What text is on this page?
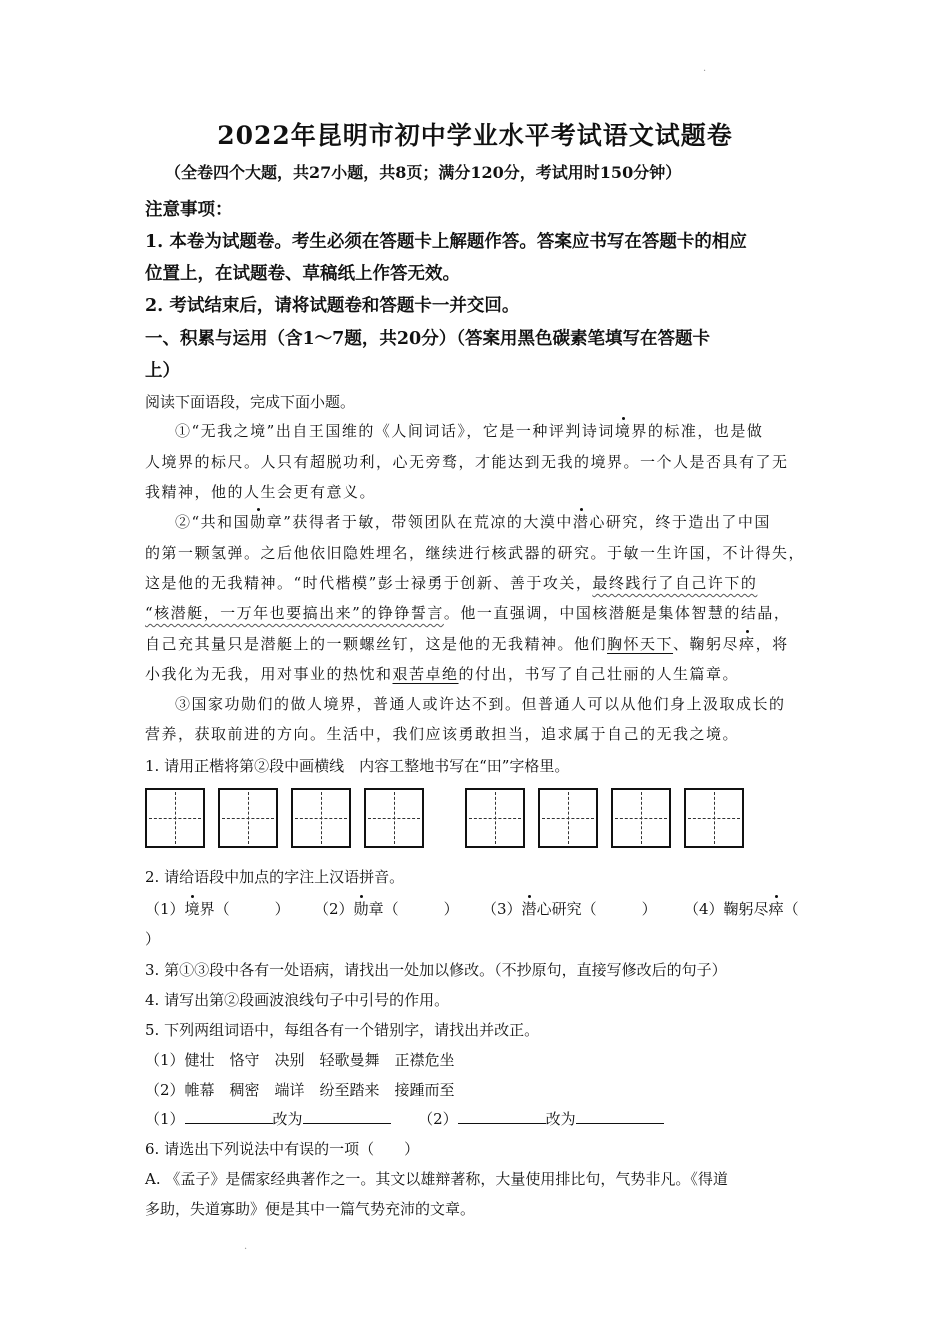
·
2022年昆明市初中学业水平考试语文试题卷
（全卷四个大题，共27小题，共8页；满分120分，考试用时150分钟）
注意事项：
1. 本卷为试题卷。考生必须在答题卡上解题作答。答案应书写在答题卡的相应
位置上，在试题卷、草稿纸上作答无效。
2. 考试结束后，请将试题卷和答题卡一并交回。
一、积累与运用（含1～7题，共20分）（答案用黑色碳素笔填写在答题卡
上）
阅读下面语段，完成下面小题。
①“无我之境”出自王国维的《人间词话》，它是一种评判诗词境界的标准，也是做
人境界的标尺。人只有超脱功利，心无旁骛，才能达到无我的境界。一个人是否具有了无
我精神，他的人生会更有意义。
②“共和国勋章”获得者于敏，带领团队在荒凉的大漠中潜心研究，终于造出了中国
的第一颗氢弹。之后他依旧隐姓埋名，继续进行核武器的研究。于敏一生许国，不计得失，
这是他的无我精神。“时代楷模”彭士禄勇于创新、善于攻关，最终践行了自己许下的
“核潜艇，一万年也要搞出来”的铮铮誓言。他一直强调，中国核潜艇是集体智慧的结晶，
自己充其量只是潜艇上的一颗螺丝钉，这是他的无我精神。他们胸怀天下、鞠躬尽瘁，将
小我化为无我，用对事业的热忱和艰苦卓绝的付出，书写了自己壮丽的人生篇章。
③国家功勋们的做人境界，普通人或许达不到。但普通人可以从他们身上汲取成长的
营养，获取前进的方向。生活中，我们应该勇敢担当，追求属于自己的无我之境。
1. 请用正楷将第②段中画横线　内容工整地书写在“田”字格里。
2. 请给语段中加点的字注上汉语拼音。
（1）境界（　　　） （2）勋章（　　　） （3）潜心研究（　　　） （4）鞠躬尽瘁（
）
3. 第①③段中各有一处语病，请找出一处加以修改。（不抄原句，直接写修改后的句子）
4. 请写出第②段画波浪线句子中引号的作用。
5. 下列两组词语中，每组各有一个错别字，请找出并改正。
（1）健壮　恪守　决别　轻歌曼舞　正襟危坐
（2）帷幕　稠密　端详　纷至踏来　接踵而至
（1）	改为	（2）	改为
6. 请选出下列说法中有误的一项（　　）
A. 《孟子》是儒家经典著作之一。其文以雄辩著称，大量使用排比句，气势非凡。《得道
多助，失道寡助》便是其中一篇气势充沛的文章。
·
